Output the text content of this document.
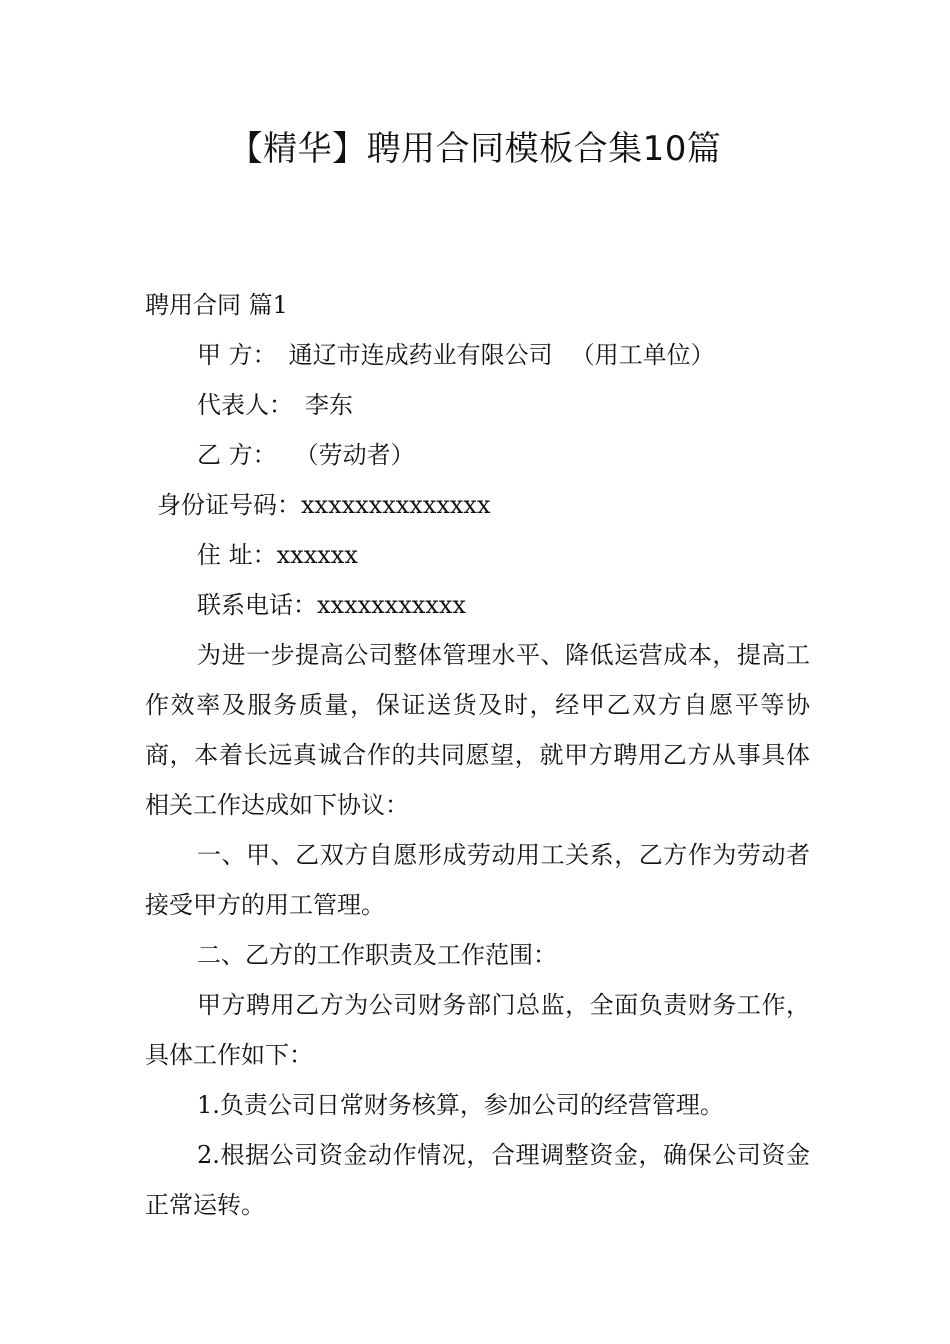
【精华】聘用合同模板合集10篇
聘用合同 篇1
甲 方： 通辽市连成药业有限公司 （用工单位）
代表人： 李东
乙 方： （劳动者）
身份证号码：xxxxxxxxxxxxxx
住 址：xxxxxx
联系电话：xxxxxxxxxxx

为进一步提高公司整体管理水平、降低运营成本，提高工作效率及服务质量，保证送货及时，经甲乙双方自愿平等协商，本着长远真诚合作的共同愿望，就甲方聘用乙方从事具体相关工作达成如下协议：

一、甲、乙双方自愿形成劳动用工关系，乙方作为劳动者接受甲方的用工管理。

二、乙方的工作职责及工作范围：

甲方聘用乙方为公司财务部门总监，全面负责财务工作，具体工作如下：

1.负责公司日常财务核算，参加公司的经营管理。

2.根据公司资金动作情况，合理调整资金，确保公司资金正常运转。
